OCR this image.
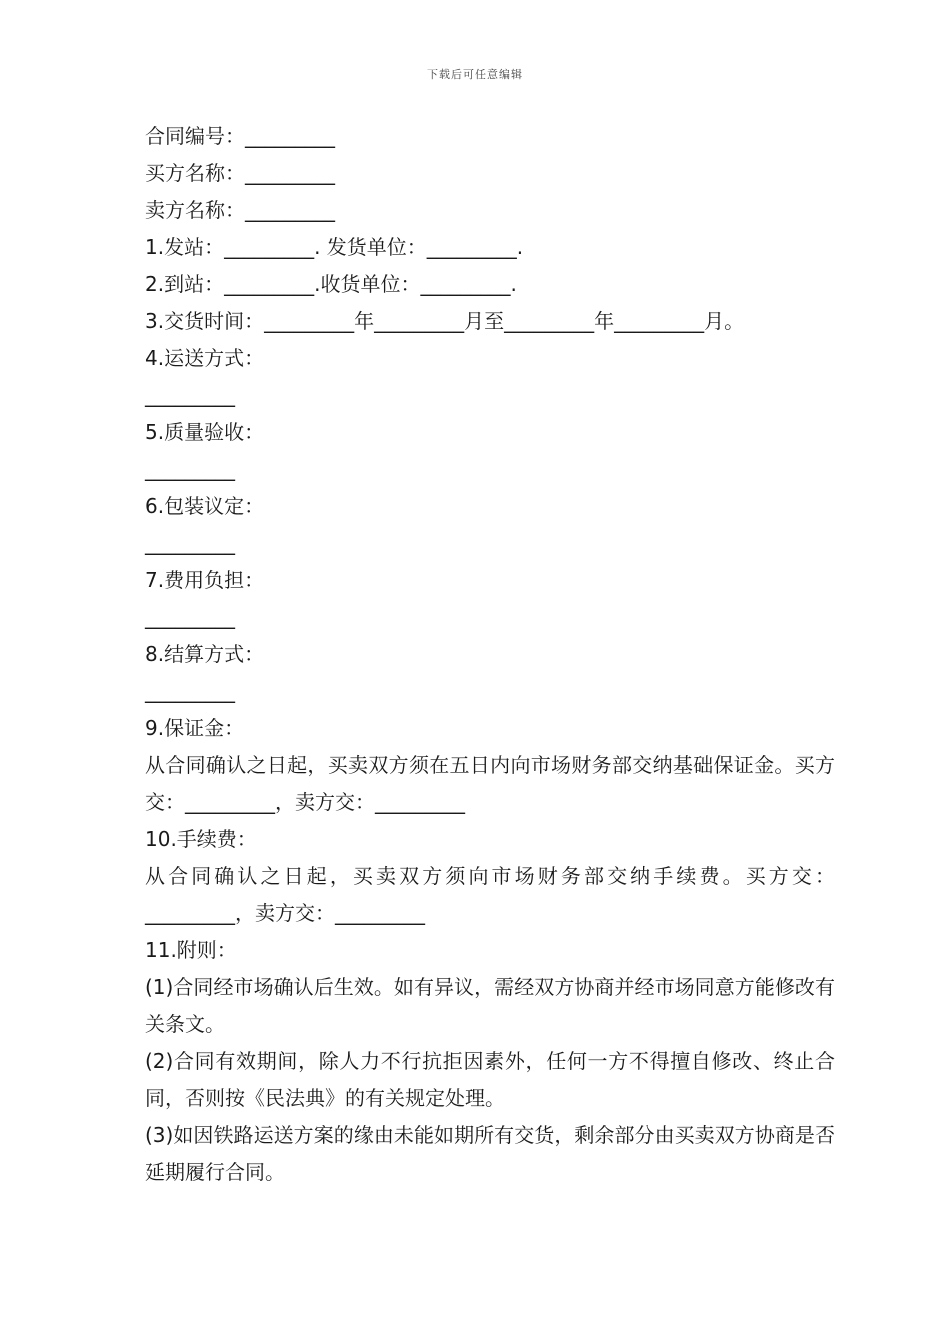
下载后可任意编辑
合同编号：_________
买方名称：_________
卖方名称：_________
1.发站：_________. 发货单位：_________.
2.到站：_________.收货单位：_________.
3.交货时间：_________年_________月至_________年_________月。
4.运送方式：
_________
5.质量验收：
_________
6.包装议定：
_________
7.费用负担：
_________
8.结算方式：
_________
9.保证金：
从合同确认之日起，买卖双方须在五日内向市场财务部交纳基础保证金。买方交：_________，卖方交：_________
10.手续费：
从合同确认之日起，买卖双方须向市场财务部交纳手续费。买方交：_________，卖方交：_________
11.附则：
(1)合同经市场确认后生效。如有异议，需经双方协商并经市场同意方能修改有关条文。
(2)合同有效期间，除人力不行抗拒因素外，任何一方不得擅自修改、终止合同，否则按《民法典》的有关规定处理。
(3)如因铁路运送方案的缘由未能如期所有交货，剩余部分由买卖双方协商是否延期履行合同。
